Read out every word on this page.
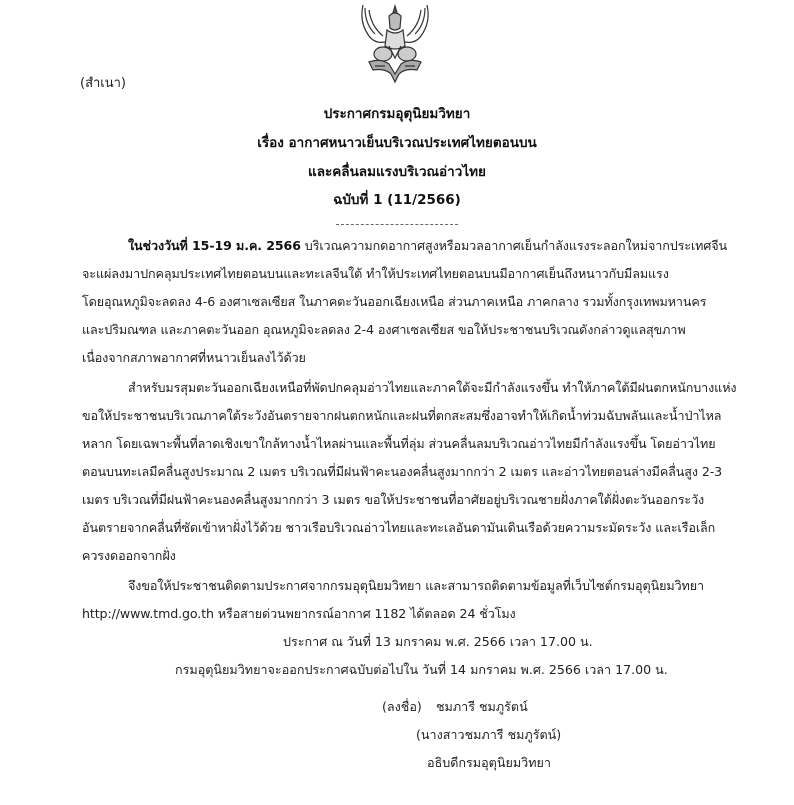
(สำเนา)
ประกาศกรมอุตุนิยมวิทยา
เรื่อง อากาศหนาวเย็นบริเวณประเทศไทยตอนบน
และคลื่นลมแรงบริเวณอ่าวไทย
ฉบับที่ 1 (11/2566)
ในช่วงวันที่ 15-19 ม.ค. 2566 บริเวณความกดอากาศสูงหรือมวลอากาศเย็นกำลังแรงระลอกใหม่จากประเทศจีน
จะแผ่ลงมาปกคลุมประเทศไทยตอนบนและทะเลจีนใต้ ทำให้ประเทศไทยตอนบนมีอากาศเย็นถึงหนาวกับมีลมแรง
โดยอุณหภูมิจะลดลง 4-6 องศาเซลเซียส ในภาคตะวันออกเฉียงเหนือ ส่วนภาคเหนือ ภาคกลาง รวมทั้งกรุงเทพมหานคร
และปริมณฑล และภาคตะวันออก อุณหภูมิจะลดลง 2-4 องศาเซลเซียส ขอให้ประชาชนบริเวณดังกล่าวดูแลสุขภาพ
เนื่องจากสภาพอากาศที่หนาวเย็นลงไว้ด้วย
สำหรับมรสุมตะวันออกเฉียงเหนือที่พัดปกคลุมอ่าวไทยและภาคใต้จะมีกำลังแรงขึ้น ทำให้ภาคใต้มีฝนตกหนักบางแห่ง
ขอให้ประชาชนบริเวณภาคใต้ระวังอันตรายจากฝนตกหนักและฝนที่ตกสะสมซึ่งอาจทำให้เกิดน้ำท่วมฉับพลันและน้ำป่าไหล
หลาก โดยเฉพาะพื้นที่ลาดเชิงเขาใกล้ทางน้ำไหลผ่านและพื้นที่ลุ่ม ส่วนคลื่นลมบริเวณอ่าวไทยมีกำลังแรงขึ้น โดยอ่าวไทย
ตอนบนทะเลมีคลื่นสูงประมาณ 2 เมตร บริเวณที่มีฝนฟ้าคะนองคลื่นสูงมากกว่า 2 เมตร และอ่าวไทยตอนล่างมีคลื่นสูง 2-3
เมตร บริเวณที่มีฝนฟ้าคะนองคลื่นสูงมากกว่า 3 เมตร ขอให้ประชาชนที่อาศัยอยู่บริเวณชายฝั่งภาคใต้ฝั่งตะวันออกระวัง
อันตรายจากคลื่นที่ซัดเข้าหาฝั่งไว้ด้วย ชาวเรือบริเวณอ่าวไทยและทะเลอันดามันเดินเรือด้วยความระมัดระวัง และเรือเล็ก
ควรงดออกจากฝั่ง
จึงขอให้ประชาชนติดตามประกาศจากกรมอุตุนิยมวิทยา และสามารถติดตามข้อมูลที่เว็บไซต์กรมอุตุนิยมวิทยา
http://www.tmd.go.th หรือสายด่วนพยากรณ์อากาศ 1182 ได้ตลอด 24 ชั่วโมง
ประกาศ ณ วันที่ 13 มกราคม พ.ศ. 2566 เวลา 17.00 น.
กรมอุตุนิยมวิทยาจะออกประกาศฉบับต่อไปใน วันที่ 14 มกราคม พ.ศ. 2566 เวลา 17.00 น.
(ลงชื่อ) ชมภารี ชมภูรัตน์
(นางสาวชมภารี ชมภูรัตน์)
อธิบดีกรมอุตุนิยมวิทยา
